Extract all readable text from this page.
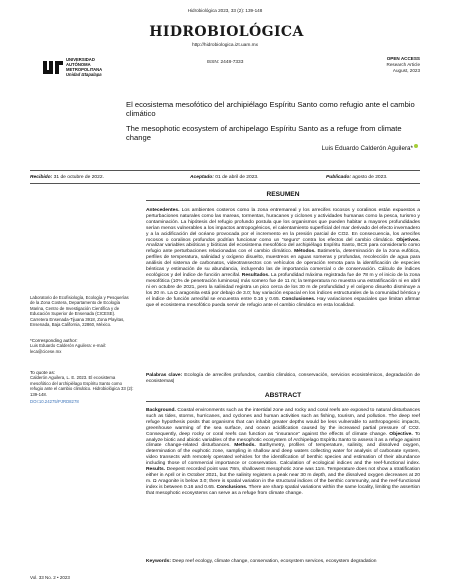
Hidrobiológica 2023, 33 (2): 139-148
UNIVERSIDAD
AUTÓNOMA
METROPOLITANA
Unidad Iztapalapa
HIDROBIOLÓGICA
http://hidrobiologica.izt.uam.mx
ISSN: 2448-7333
OPEN ACCESS
Research Article
August, 2023
El ecosistema mesofótico del archipiélago Espíritu Santo como refugio ante el cambio climático
The mesophotic ecosystem of archipelago Espíritu Santo as a refuge from climate change
Luis Eduardo Calderón Aguilera*
Recibido: 31 de octubre de 2022.	Aceptado: 01 de abril de 2023.	Publicado: agosto de 2023.
RESUMEN
Antecedentes. Los ambientes costeros como la zona entremareal y los arrecifes rocosos y coralinos están expuestos a perturbaciones naturales como las mareas, tormentas, huracanes y ciclones y actividades humanas como la pesca, turismo y contaminación. La hipótesis del refugio profundo postula que los organismos que pueden habitar a mayores profundidades serían menos vulnerables a los impactos antropogénicos, el calentamiento superficial del mar derivado del efecto invernadero y a la acidificación del océano provocada por el incremento en la presión parcial de CO2. En consecuencia, los arrecifes rocosos o coralinos profundos podrían funcionar como un “seguro” contra los efectos del cambio climático. Objetivos. Analizar variables abióticas y bióticas del ecosistema mesofótico del archipiélago Espíritu Santo, BCS para considerarlo como refugio ante perturbaciones relacionadas con el cambio climático. Métodos. Batimetría, determinación de la zona eufótica, perfiles de temperatura, salinidad y oxígeno disuelto, muestreos en aguas someras y profundas, recolección de agua para análisis del sistema de carbonatos, videotransectos con vehículos de operación remota para la identificación de especies bénticas y estimación de su abundancia, incluyendo las de importancia comercial o de conservación. Cálculo de índices ecológicos y del índice de función arrecifal. Resultados. La profundidad máxima registrada fue de 78 m y el inicio de la zona mesofótica (10% de penetración luminosa) más somero fue de 11 m; la temperatura no muestra una estratificación ni en abril ni en octubre de 2021, pero la salinidad registra un pico cerca de los 30 m de profundidad y el oxígeno disuelto disminuye a los 20 m. La Ω aragonita está por debajo de 3.0; hay variación espacial en los índices estructurales de la comunidad béntica y el índice de función arrecifal se encuentra entre 0.16 y 0.65. Conclusiones. Hay variaciones espaciales que limitan afirmar que el ecosistema mesofótico pueda servir de refugio ante el cambio climático en esta localidad.
Palabras clave: Ecología de arrecifes profundos, cambio climático, conservación, servicios ecosistémicos, degradación de ecosistemas|
Laboratorio de Ecofisiología, Ecología y Pesquerías de la Zona Costera, Departamento de Ecología Marina, Centro de Investigación Científica y de Educación Superior de Ensenada (CICESE). Carretera Ensenada-Tijuana 3918, Zona Playitas, Ensenada, Baja California, 22860, México.
*Corresponding author:
Luis Eduardo Calderón Aguilera: e-mail: leca@cicese.mx
To quote as:
Calderón Aguilera, L. E. 2023. El ecosistema mesofótico del archipiélago Espíritu Santo como refugio ante el cambio climático. Hidrobiológica 33 (2): 139-148.
DOI:10.24275/PJRD8278
ABSTRACT
Background. Coastal environments such as the intertidal zone and rocky and coral reefs are exposed to natural disturbances such as tides, storms, hurricanes, and cyclones and human activities such as fishing, tourism, and pollution. The deep reef refuge hypothesis posits that organisms that can inhabit greater depths would be less vulnerable to anthropogenic impacts, greenhouse warming of the sea surface, and ocean acidification caused by the increased partial pressure of CO2. Consequently, deep rocky or coral reefs can function as “insurance” against the effects of climate change. Objective. To analyze biotic and abiotic variables of the mesophotic ecosystem of Archipelago Espíritu Santo to assess it as a refuge against climate change-related disturbances. Methods. Bathymetry, profiles of temperature, salinity, and dissolved oxygen, determination of the euphotic zone, sampling in shallow and deep waters collecting water for analysis of carbonate system, video transects with remotely operated vehicles for the identification of benthic species and estimation of their abundance including those of commercial importance or conservation. Calculation of ecological indices and the reef-functional index. Results. Deepest recorded point was 78m, shallowest mesophotic zone was 11m. Temperature does not show a stratification either in April or in October 2021, but the salinity registers a peak near 30 m depth, and the dissolved oxygen decreases at 20 m. Ω Aragonite is below 3.0; there is spatial variation in the structural indices of the benthic community, and the reef-functional index is between 0.16 and 0.65. Conclusions. There are sharp spatial variations within the same locality, limiting the assertion that mesophotic ecosystems can serve as a refuge from climate change.
Keywords: Deep reef ecology, climate change, conservation, ecosystem services, ecosystem degradation
Vol. 33 No. 2 • 2023
